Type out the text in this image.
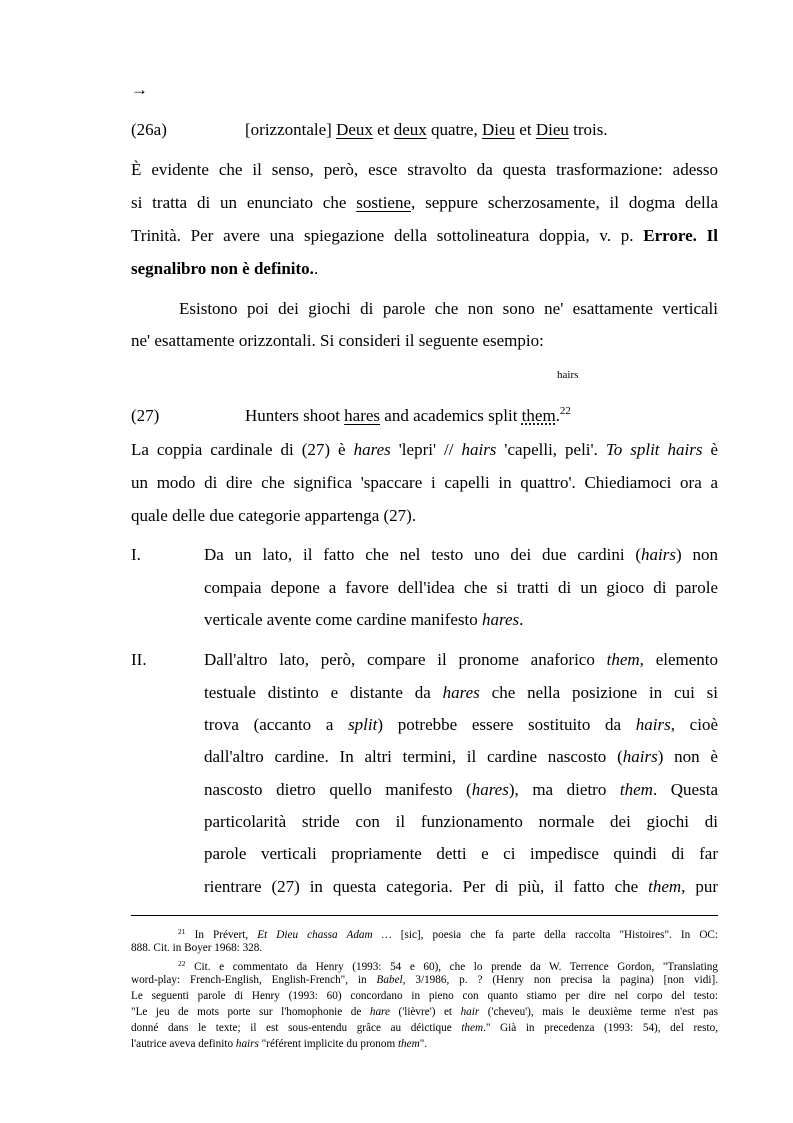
→
(26a)	[orizzontale] Deux et deux quatre, Dieu et Dieu trois.
È evidente che il senso, però, esce stravolto da questa trasformazione: adesso
si tratta di un enunciato che sostiene, seppure scherzosamente, il dogma della
Trinità. Per avere una spiegazione della sottolineatura doppia, v. p. Errore. Il
segnalibro non è definito..
Esistono poi dei giochi di parole che non sono ne' esattamente verticali
ne' esattamente orizzontali. Si consideri il seguente esempio:
hairs
(27)	Hunters shoot hares and academics split them.$^{22}$
La coppia cardinale di (27) è hares 'lepri' // hairs 'capelli, peli'. To split hairs è
un modo di dire che significa 'spaccare i capelli in quattro'. Chiediamoci ora a
quale delle due categorie appartenga (27).
I.	Da un lato, il fatto che nel testo uno dei due cardini (hairs) non
compaia depone a favore dell'idea che si tratti di un gioco di parole
verticale avente come cardine manifesto hares.
II.	Dall'altro lato, però, compare il pronome anaforico them, elemento
testuale distinto e distante da hares che nella posizione in cui si
trova (accanto a split) potrebbe essere sostituito da hairs, cioè
dall'altro cardine. In altri termini, il cardine nascosto (hairs) non è
nascosto dietro quello manifesto (hares), ma dietro them. Questa
particolarità stride con il funzionamento normale dei giochi di
parole verticali propriamente detti e ci impedisce quindi di far
rientrare (27) in questa categoria. Per di più, il fatto che them, pur
$^{21}$ In Prévert, Et Dieu chassa Adam … [sic], poesia che fa parte della raccolta "Histoires". In OC:
888. Cit. in Boyer 1968: 328.
$^{22}$ Cit. e commentato da Henry (1993: 54 e 60), che lo prende da W. Terrence Gordon, "Translating
word-play: French-English, English-French", in Babel, 3/1986, p. ? (Henry non precisa la pagina) [non vidi].
Le seguenti parole di Henry (1993: 60) concordano in pieno con quanto stiamo per dire nel corpo del testo:
"Le jeu de mots porte sur l'homophonie de hare ('lièvre') et hair ('cheveu'), mais le deuxième terme n'est pas
donné dans le texte; il est sous-entendu grâce au déictique them." Già in precedenza (1993: 54), del resto,
l'autrice aveva definito hairs "référent implicite du pronom them".
